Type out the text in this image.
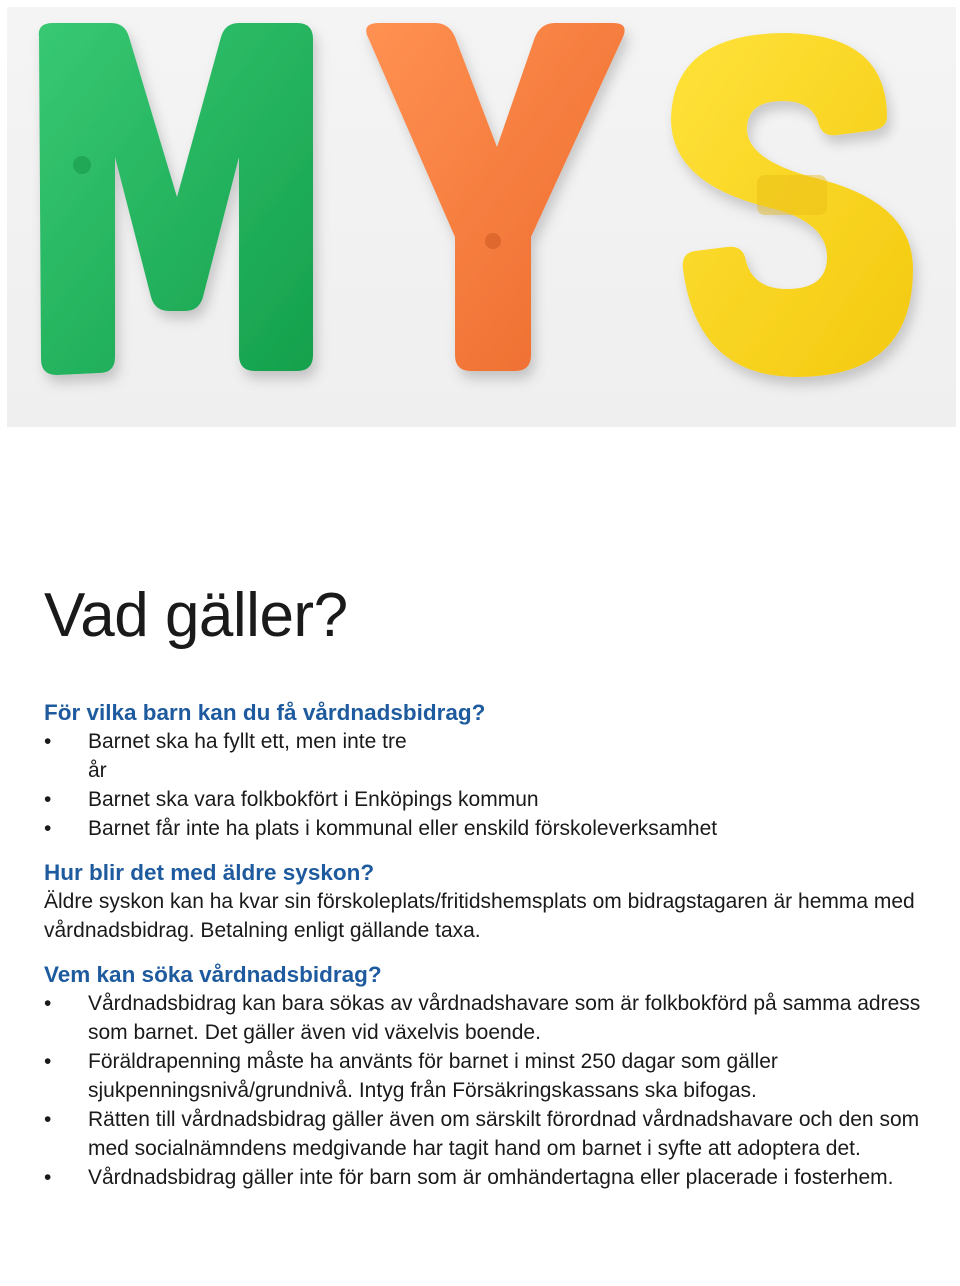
Vad gäller?
För vilka barn kan du få vårdnadsbidrag?
• Barnet ska ha fyllt ett, men inte tre år
• Barnet ska vara folkbokfört i Enköpings kommun
• Barnet får inte ha plats i kommunal eller enskild förskoleverksamhet
Hur blir det med äldre syskon?

Äldre syskon kan ha kvar sin förskoleplats/fritidshemsplats om bidragstagaren är hemma med vårdnadsbidrag. Betalning enligt gällande taxa.

Vem kan söka vårdnadsbidrag?
• Vårdnadsbidrag kan bara sökas av vårdnadshavare som är folkbokförd på samma adress som barnet. Det gäller även vid växelvis boende.
• Föräldrapenning måste ha använts för barnet i minst 250 dagar som gäller sjukpenningsnivå/grundnivå. Intyg från Försäkringskassans ska bifogas.
• Rätten till vårdnadsbidrag gäller även om särskilt förordnad vårdnadshavare och den som med socialnämndens medgivande har tagit hand om barnet i syfte att adoptera det.
• Vårdnadsbidrag gäller inte för barn som är omhändertagna eller placerade i fosterhem.
